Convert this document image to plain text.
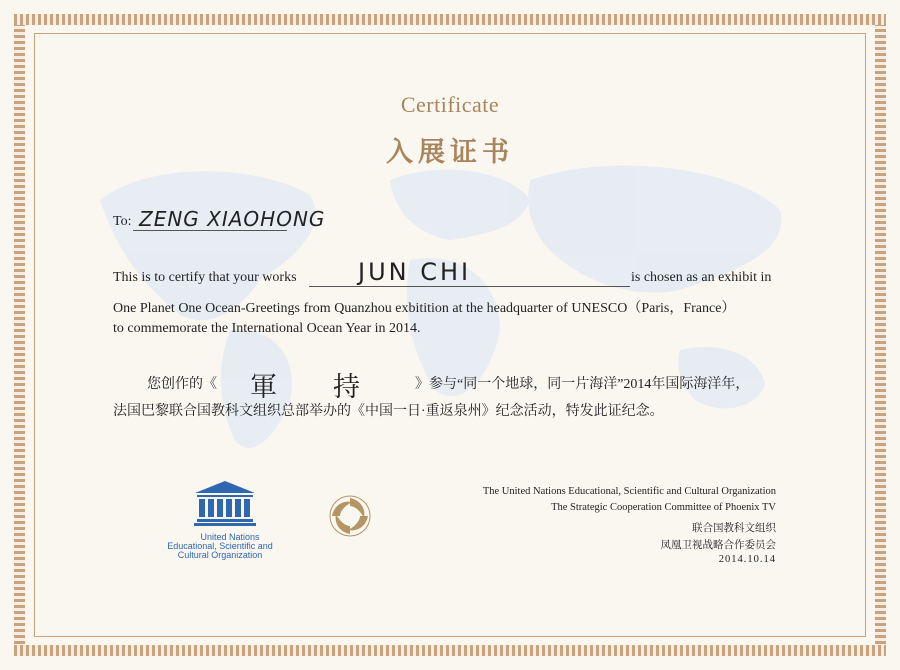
Certificate
入展证书
To: ZENG XIAOHONG
This is to certify that your works	JUN CHI	is chosen as an exhibit in
One Planet One Ocean-Greetings from Quanzhou exbitition at the headquarter of UNESCO（Paris，France）
to commemorate the International Ocean Year in 2014.
您创作的《 軍持 》参与“同一个地球，同一片海洋”2014年国际海洋年，
法国巴黎联合国教科文组织总部举办的《中国一日·重返泉州》纪念活动，特发此证纪念。
United Nations
Educational, Scientific and
Cultural Organization
The United Nations Educational, Scientific and Cultural Organization
The Strategic Cooperation Committee of Phoenix TV
联合国教科文组织
凤凰卫视战略合作委员会
2014.10.14
